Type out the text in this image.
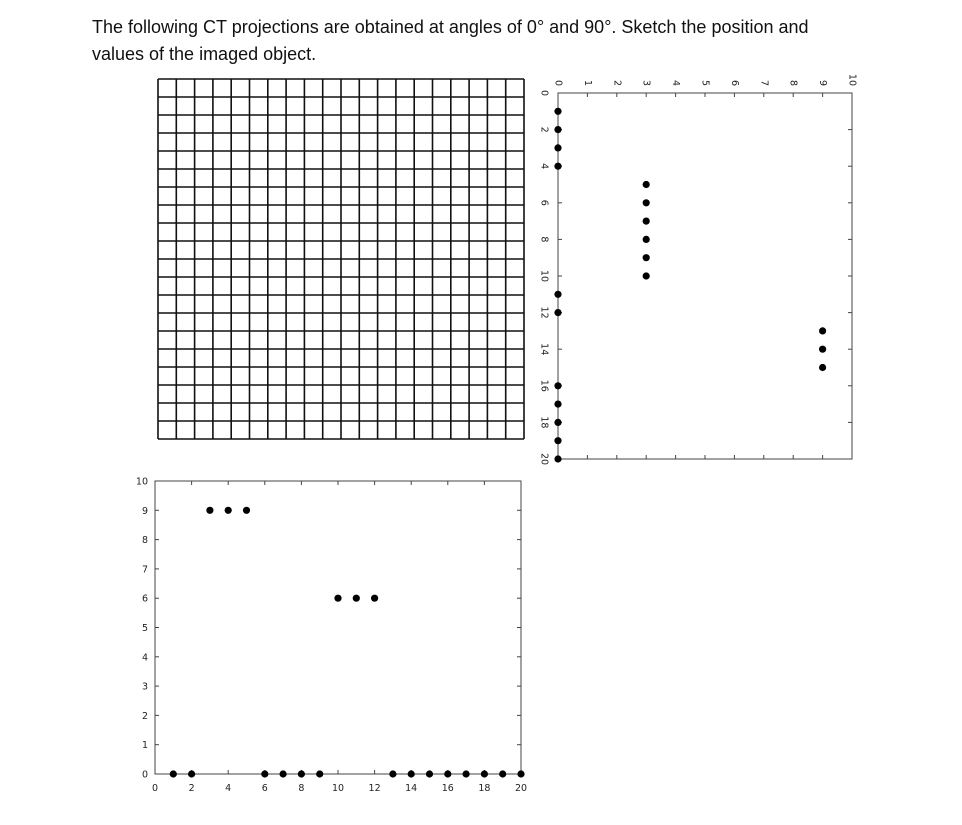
The following CT projections are obtained at angles of 0° and 90°. Sketch the position and values of the imaged object.

0	2	4	6	8	10	12	14	16	18	20
0
1
2
3
4
5
6
7
8
9
10
0
2
4
6
8
10
12
14
16
18
20
0 1 2 3 4 5 6 7 8 9 10
